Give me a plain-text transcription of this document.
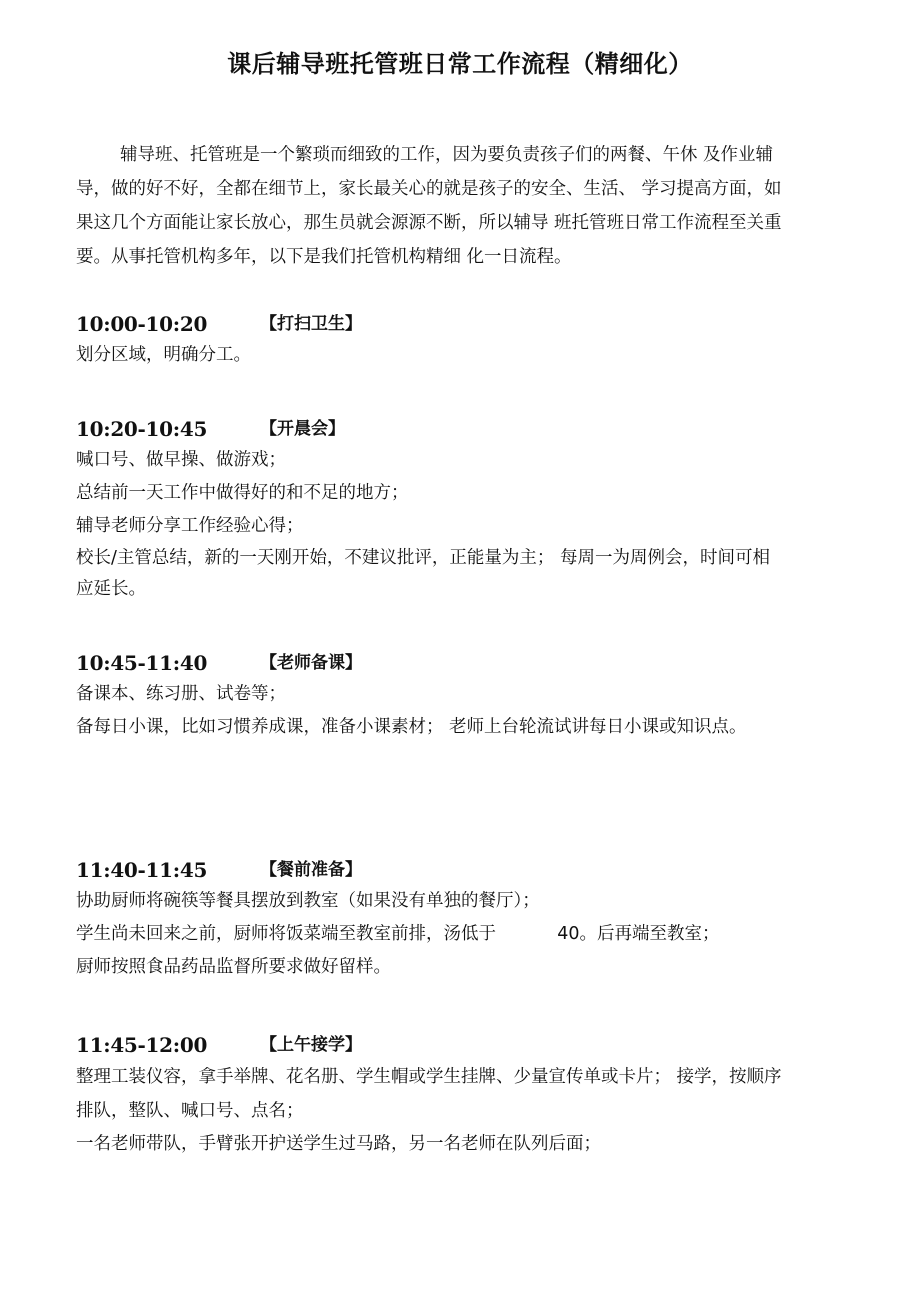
课后辅导班托管班日常工作流程（精细化）
辅导班、托管班是一个繁琐而细致的工作，因为要负责孩子们的两餐、午休 及作业辅导，做的好不好，全都在细节上，家长最关心的就是孩子的安全、生活、 学习提高方面，如果这几个方面能让家长放心，那生员就会源源不断，所以辅导 班托管班日常工作流程至关重要。从事托管机构多年，以下是我们托管机构精细 化一日流程。
10:00-10:20	【打扫卫生】
划分区域，明确分工。
10:20-10:45	【开晨会】
喊口号、做早操、做游戏；
总结前一天工作中做得好的和不足的地方；
辅导老师分享工作经验心得；
校长/主管总结，新的一天刚开始，不建议批评，正能量为主； 每周一为周例会，时间可相应延长。
10:45-11:40	【老师备课】
备课本、练习册、试卷等；
备每日小课，比如习惯养成课，准备小课素材； 老师上台轮流试讲每日小课或知识点。
11:40-11:45	【餐前准备】
协助厨师将碗筷等餐具摆放到教室（如果没有单独的餐厅）；
学生尚未回来之前，厨师将饭菜端至教室前排，汤低于           40。后再端至教室；
厨师按照食品药品监督所要求做好留样。
11:45-12:00	【上午接学】
整理工装仪容，拿手举牌、花名册、学生帽或学生挂牌、少量宣传单或卡片； 接学，按顺序排队，整队、喊口号、点名；
一名老师带队，手臂张开护送学生过马路，另一名老师在队列后面；
